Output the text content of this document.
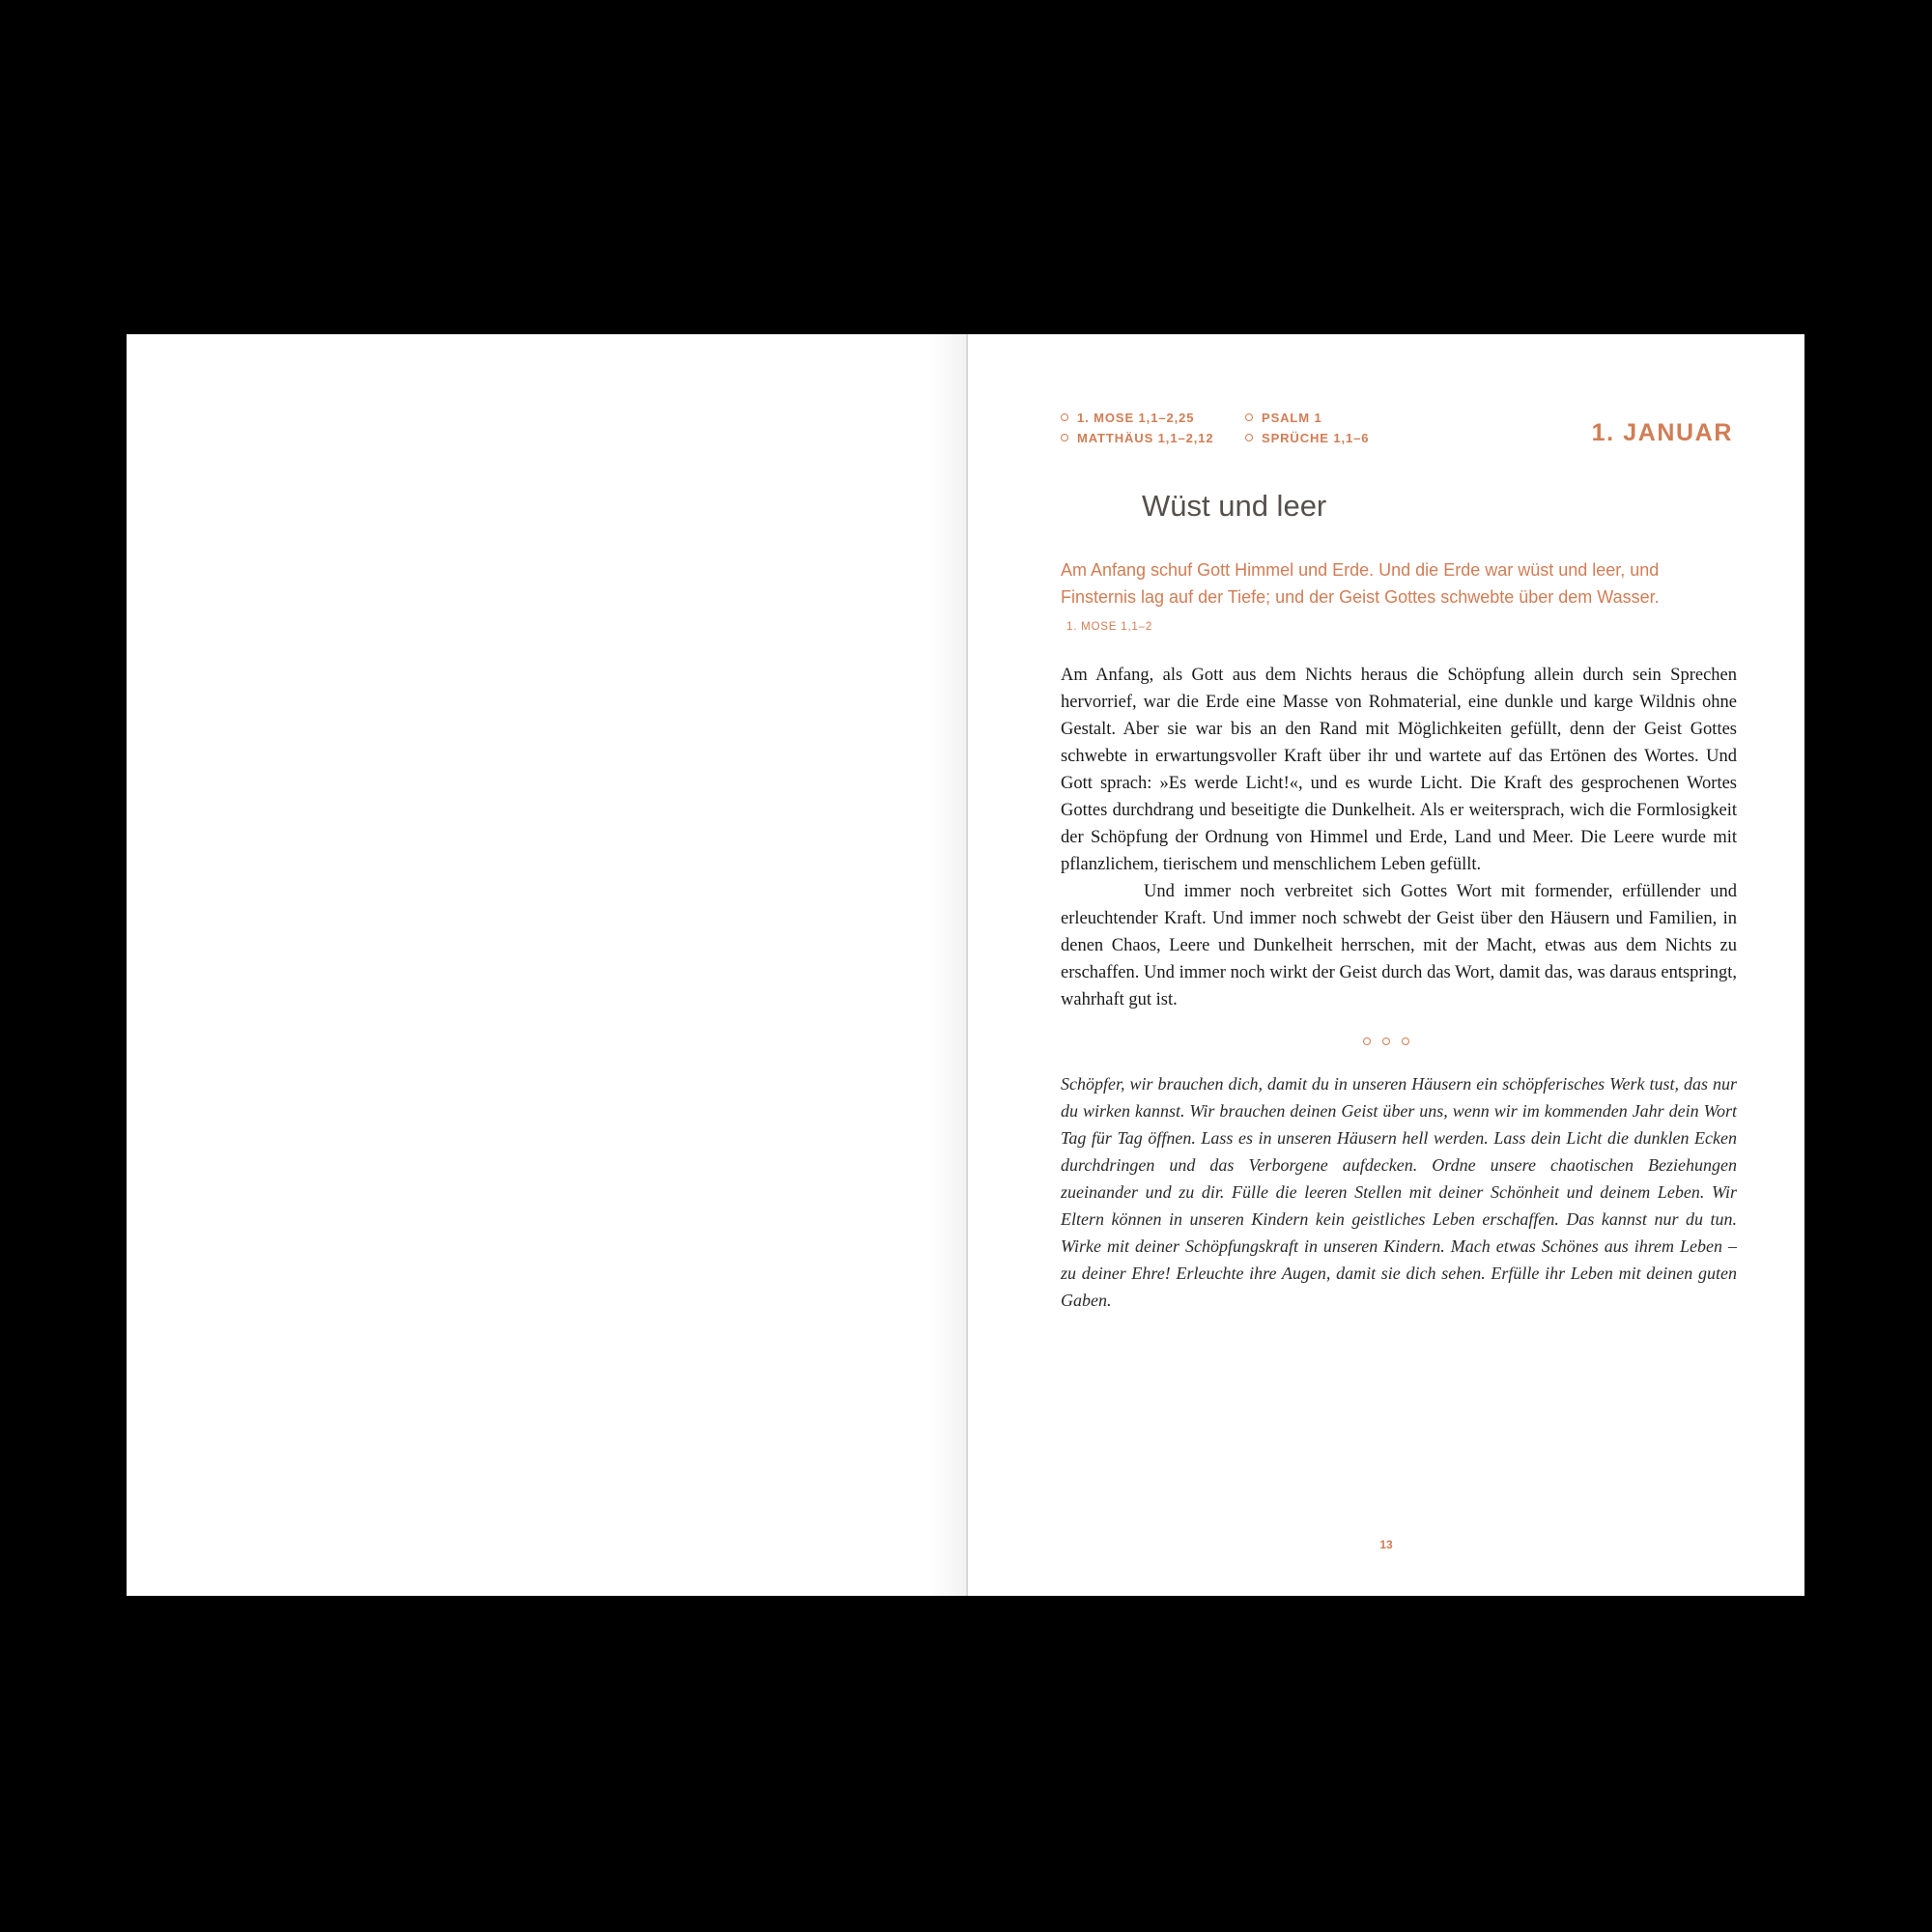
1. MOSE 1,1–2,25	PSALM 1
MATTHÄUS 1,1–2,12	SPRÜCHE 1,1–6	1. JANUAR
Wüst und leer

Am Anfang schuf Gott Himmel und Erde. Und die Erde war wüst und leer, und Finsternis lag auf der Tiefe; und der Geist Gottes schwebte über dem Wasser. 1. MOSE 1,1–2

Am Anfang, als Gott aus dem Nichts heraus die Schöpfung allein durch sein Sprechen hervorrief, war die Erde eine Masse von Rohmaterial, eine dunkle und karge Wildnis ohne Gestalt. Aber sie war bis an den Rand mit Möglichkeiten gefüllt, denn der Geist Gottes schwebte in erwartungsvoller Kraft über ihr und wartete auf das Ertönen des Wortes. Und Gott sprach: »Es werde Licht!«, und es wurde Licht. Die Kraft des gesprochenen Wortes Gottes durchdrang und beseitigte die Dunkelheit. Als er weitersprach, wich die Formlosigkeit der Schöpfung der Ordnung von Himmel und Erde, Land und Meer. Die Leere wurde mit pflanzlichem, tierischem und menschlichem Leben gefüllt.

Und immer noch verbreitet sich Gottes Wort mit formender, erfüllender und erleuchtender Kraft. Und immer noch schwebt der Geist über den Häusern und Familien, in denen Chaos, Leere und Dunkelheit herrschen, mit der Macht, etwas aus dem Nichts zu erschaffen. Und immer noch wirkt der Geist durch das Wort, damit das, was daraus entspringt, wahrhaft gut ist.

Schöpfer, wir brauchen dich, damit du in unseren Häusern ein schöpferisches Werk tust, das nur du wirken kannst. Wir brauchen deinen Geist über uns, wenn wir im kommenden Jahr dein Wort Tag für Tag öffnen. Lass es in unseren Häusern hell werden. Lass dein Licht die dunklen Ecken durchdringen und das Verborgene aufdecken. Ordne unsere chaotischen Beziehungen zueinander und zu dir. Fülle die leeren Stellen mit deiner Schönheit und deinem Leben. Wir Eltern können in unseren Kindern kein geistliches Leben erschaffen. Das kannst nur du tun. Wirke mit deiner Schöpfungskraft in unseren Kindern. Mach etwas Schönes aus ihrem Leben – zu deiner Ehre! Erleuchte ihre Augen, damit sie dich sehen. Erfülle ihr Leben mit deinen guten Gaben.

13
